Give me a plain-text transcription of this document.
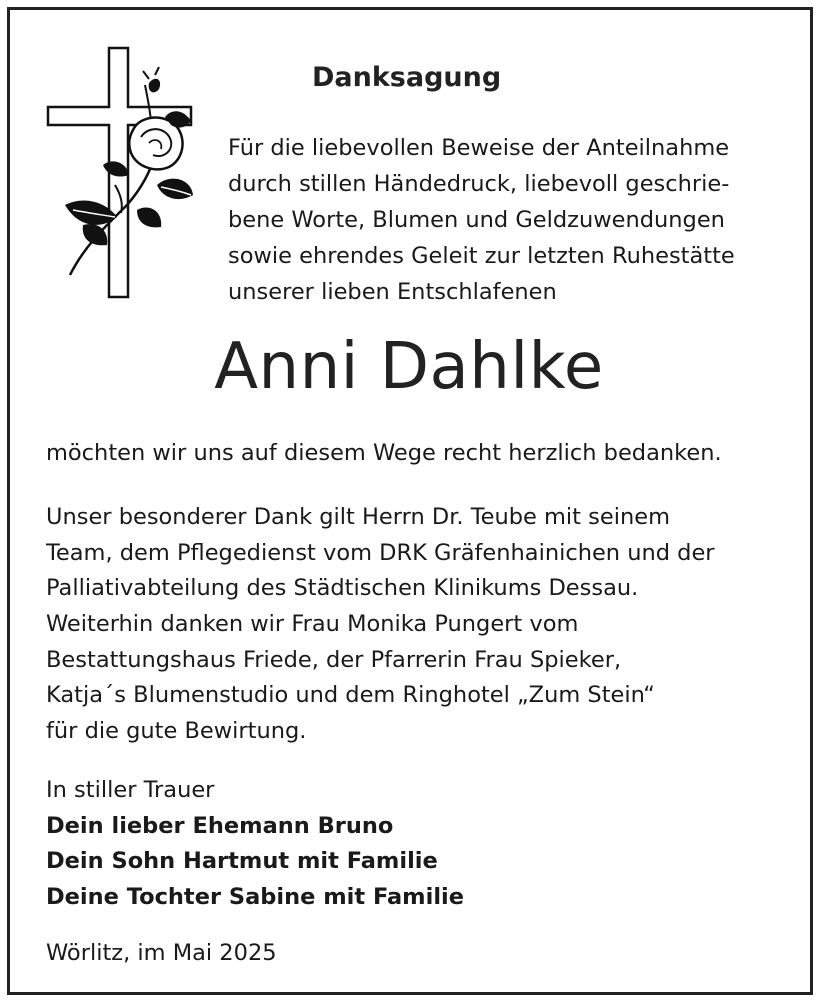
Danksagung
Für die liebevollen Beweise der Anteilnahme
durch stillen Händedruck, liebevoll geschrie-
bene Worte, Blumen und Geldzuwendungen
sowie ehrendes Geleit zur letzten Ruhestätte
unserer lieben Entschlafenen
Anni Dahlke
möchten wir uns auf diesem Wege recht herzlich bedanken.
Unser besonderer Dank gilt Herrn Dr. Teube mit seinem
Team, dem Pflegedienst vom DRK Gräfenhainichen und der
Palliativabteilung des Städtischen Klinikums Dessau.
Weiterhin danken wir Frau Monika Pungert vom
Bestattungshaus Friede, der Pfarrerin Frau Spieker,
Katja´s Blumenstudio und dem Ringhotel „Zum Stein“
für die gute Bewirtung.
In stiller Trauer
Dein lieber Ehemann Bruno
Dein Sohn Hartmut mit Familie
Deine Tochter Sabine mit Familie
Wörlitz, im Mai 2025
